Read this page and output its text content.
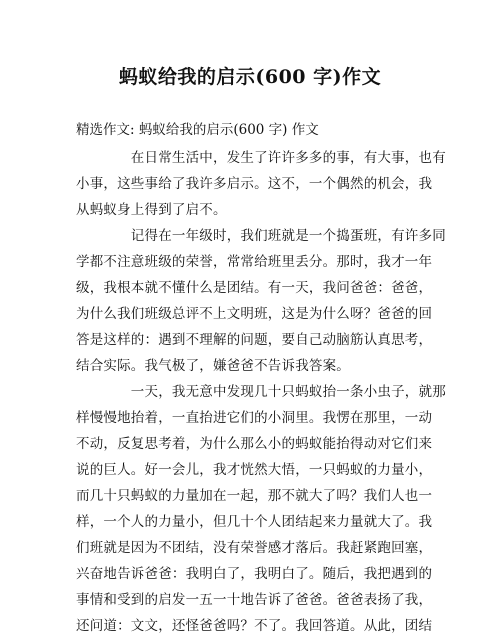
蚂蚁给我的启示(600 字)作文
精选作文: 蚂蚁给我的启示(600 字) 作文
　　　　在日常生活中，发生了许许多多的事，有大事，也有
小事，这些事给了我许多启示。这不，一个偶然的机会，我
从蚂蚁身上得到了启不。
　　　　记得在一年级时，我们班就是一个捣蛋班，有许多同
学都不注意班级的荣誉，常常给班里丢分。那时，我才一年
级，我根本就不懂什么是团结。有一天，我问爸爸：爸爸，
为什么我们班级总评不上文明班，这是为什么呀？爸爸的回
答是这样的：遇到不理解的问题，要自己动脑筋认真思考，
结合实际。我气极了，嫌爸爸不告诉我答案。
　　　　一天，我无意中发现几十只蚂蚁抬一条小虫子，就那
样慢慢地抬着，一直抬进它们的小洞里。我愣在那里，一动
不动，反复思考着，为什么那么小的蚂蚁能抬得动对它们来
说的巨人。好一会儿，我才恍然大悟，一只蚂蚁的力量小，
而几十只蚂蚁的力量加在一起，那不就大了吗？我们人也一
样，一个人的力量小，但几十个人团结起来力量就大了。我
们班就是因为不团结，没有荣誉感才落后。我赶紧跑回塞，
兴奋地告诉爸爸：我明白了，我明白了。随后，我把遇到的
事情和受到的启发一五一十地告诉了爸爸。爸爸表扬了我，
还问道：文文，还怪爸爸吗？不了。我回答道。从此，团结
